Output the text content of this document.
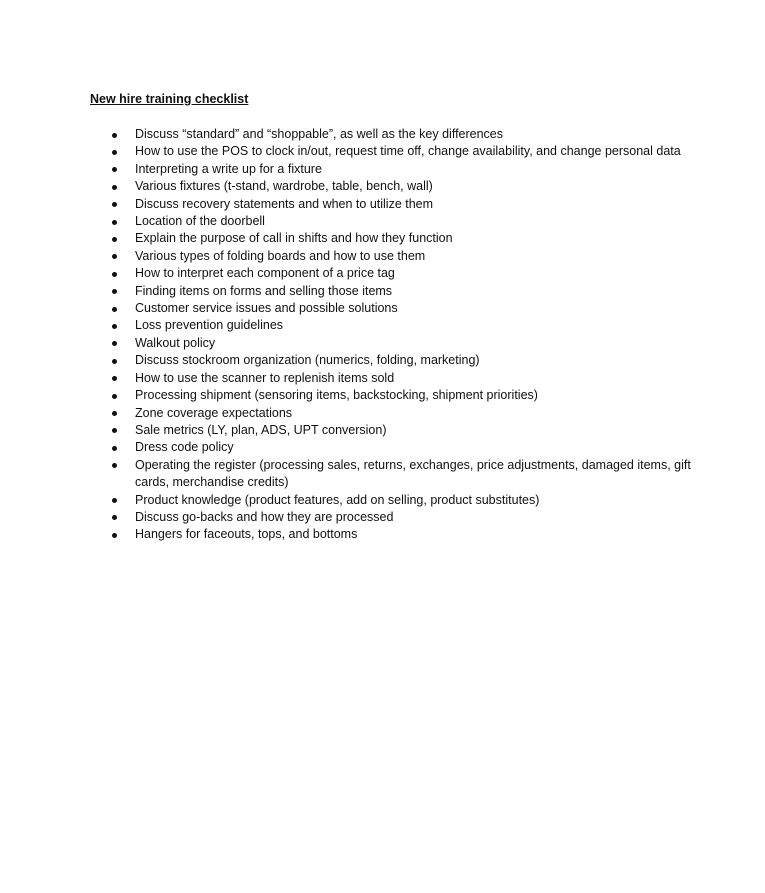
New hire training checklist
Discuss “standard” and “shoppable”, as well as the key differences
How to use the POS to clock in/out, request time off, change availability, and change personal data
Interpreting a write up for a fixture
Various fixtures (t-stand, wardrobe, table, bench, wall)
Discuss recovery statements and when to utilize them
Location of the doorbell
Explain the purpose of call in shifts and how they function
Various types of folding boards and how to use them
How to interpret each component of a price tag
Finding items on forms and selling those items
Customer service issues and possible solutions
Loss prevention guidelines
Walkout policy
Discuss stockroom organization (numerics, folding, marketing)
How to use the scanner to replenish items sold
Processing shipment (sensoring items, backstocking, shipment priorities)
Zone coverage expectations
Sale metrics (LY, plan, ADS, UPT conversion)
Dress code policy
Operating the register (processing sales, returns, exchanges, price adjustments, damaged items, gift cards, merchandise credits)
Product knowledge (product features, add on selling, product substitutes)
Discuss go-backs and how they are processed
Hangers for faceouts, tops, and bottoms
